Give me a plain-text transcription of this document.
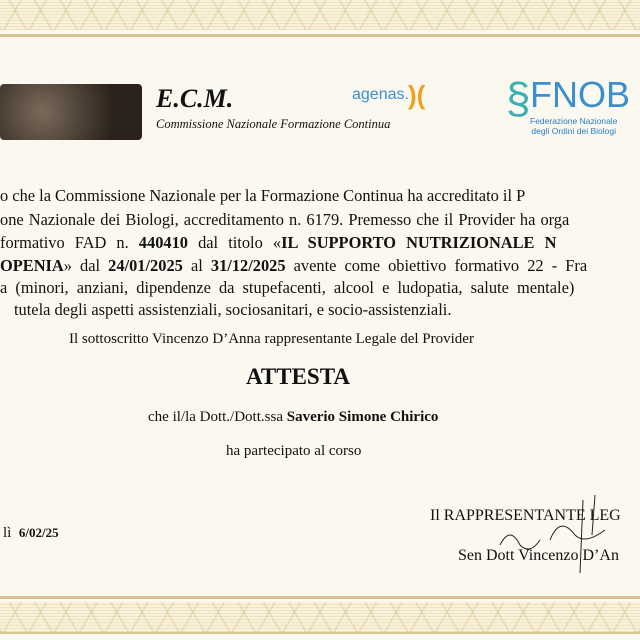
E.C.M.
Commissione Nazionale Formazione Continua
agenas. )( § FNOB
Federazione Nazionale
degli Ordini dei Biologi
o che la Commissione Nazionale per la Formazione Continua ha accreditato il P
one Nazionale dei Biologi, accreditamento n. 6179. Premesso che il Provider ha orga
formativo FAD n. 440410 dal titolo «IL SUPPORTO NUTRIZIONALE N
OPENIA» dal 24/01/2025 al 31/12/2025 avente come obiettivo formativo 22 - Fra
a (minori, anziani, dipendenze da stupefacenti, alcool e ludopatia, salute mentale)
tutela degli aspetti assistenziali, sociosanitari, e socio-assistenziali.
Il sottoscritto Vincenzo D’Anna rappresentante Legale del Provider
ATTESTA
che il/la Dott./Dott.ssa Saverio Simone Chirico
ha partecipato al corso
lì 6/02/25
Il RAPPRESENTANTE LEG
Sen Dott Vincenzo D’An
